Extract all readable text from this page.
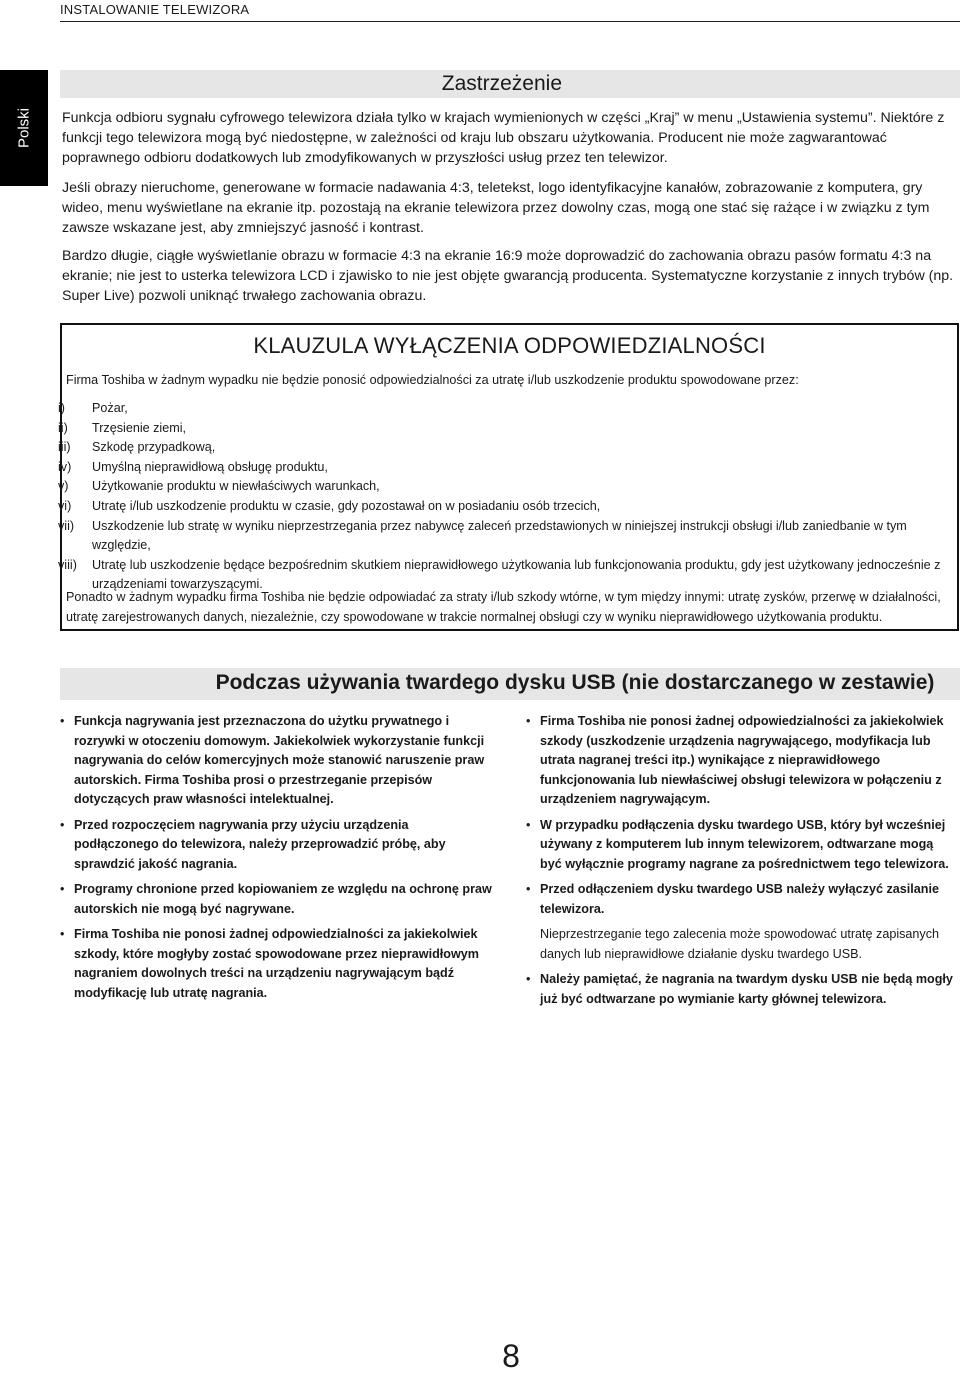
INSTALOWANIE TELEWIZORA
Polski
Zastrzeżenie

Funkcja odbioru sygnału cyfrowego telewizora działa tylko w krajach wymienionych w części „Kraj” w menu „Ustawienia systemu”. Niektóre z funkcji tego telewizora mogą być niedostępne, w zależności od kraju lub obszaru użytkowania. Producent nie może zagwarantować poprawnego odbioru dodatkowych lub zmodyfikowanych w przyszłości usług przez ten telewizor.

Jeśli obrazy nieruchome, generowane w formacie nadawania 4:3, teletekst, logo identyfikacyjne kanałów, zobrazowanie z komputera, gry wideo, menu wyświetlane na ekranie itp. pozostają na ekranie telewizora przez dowolny czas, mogą one stać się rażące i w związku z tym zawsze wskazane jest, aby zmniejszyć jasność i kontrast.

Bardzo długie, ciągłe wyświetlanie obrazu w formacie 4:3 na ekranie 16:9 może doprowadzić do zachowania obrazu pasów formatu 4:3 na ekranie; nie jest to usterka telewizora LCD i zjawisko to nie jest objęte gwarancją producenta. Systematyczne korzystanie z innych trybów (np. Super Live) pozwoli uniknąć trwałego zachowania obrazu.

KLAUZULA WYŁĄCZENIA ODPOWIEDZIALNOŚCI
Firma Toshiba w żadnym wypadku nie będzie ponosić odpowiedzialności za utratę i/lub uszkodzenie produktu spowodowane przez:
i) Pożar,
ii) Trzęsienie ziemi,
iii) Szkodę przypadkową,
iv) Umyślną nieprawidłową obsługę produktu,
v) Użytkowanie produktu w niewłaściwych warunkach,
vi) Utratę i/lub uszkodzenie produktu w czasie, gdy pozostawał on w posiadaniu osób trzecich,
vii) Uszkodzenie lub stratę w wyniku nieprzestrzegania przez nabywcę zaleceń przedstawionych w niniejszej instrukcji obsługi i/lub zaniedbanie w tym względzie,
viii) Utratę lub uszkodzenie będące bezpośrednim skutkiem nieprawidłowego użytkowania lub funkcjonowania produktu, gdy jest użytkowany jednocześnie z urządzeniami towarzyszącymi.
Ponadto w żadnym wypadku firma Toshiba nie będzie odpowiadać za straty i/lub szkody wtórne, w tym między innymi: utratę zysków, przerwę w działalności, utratę zarejestrowanych danych, niezależnie, czy spowodowane w trakcie normalnej obsługi czy w wyniku nieprawidłowego użytkowania produktu.
Podczas używania twardego dysku USB (nie dostarczanego w zestawie)
• Funkcja nagrywania jest przeznaczona do użytku prywatnego i rozrywki w otoczeniu domowym. Jakiekolwiek wykorzystanie funkcji nagrywania do celów komercyjnych może stanowić naruszenie praw autorskich. Firma Toshiba prosi o przestrzeganie przepisów dotyczących praw własności intelektualnej.
• Przed rozpoczęciem nagrywania przy użyciu urządzenia podłączonego do telewizora, należy przeprowadzić próbę, aby sprawdzić jakość nagrania.
• Programy chronione przed kopiowaniem ze względu na ochronę praw autorskich nie mogą być nagrywane.
• Firma Toshiba nie ponosi żadnej odpowiedzialności za jakiekolwiek szkody, które mogłyby zostać spowodowane przez nieprawidłowym nagraniem dowolnych treści na urządzeniu nagrywającym bądź modyfikację lub utratę nagrania.
• Firma Toshiba nie ponosi żadnej odpowiedzialności za jakiekolwiek szkody (uszkodzenie urządzenia nagrywającego, modyfikacja lub utrata nagranej treści itp.) wynikające z nieprawidłowego funkcjonowania lub niewłaściwej obsługi telewizora w połączeniu z urządzeniem nagrywającym.
• W przypadku podłączenia dysku twardego USB, który był wcześniej używany z komputerem lub innym telewizorem, odtwarzane mogą być wyłącznie programy nagrane za pośrednictwem tego telewizora.
• Przed odłączeniem dysku twardego USB należy wyłączyć zasilanie telewizora.
Nieprzestrzeganie tego zalecenia może spowodować utratę zapisanych danych lub nieprawidłowe działanie dysku twardego USB.
• Należy pamiętać, że nagrania na twardym dysku USB nie będą mogły już być odtwarzane po wymianie karty głównej telewizora.
8
